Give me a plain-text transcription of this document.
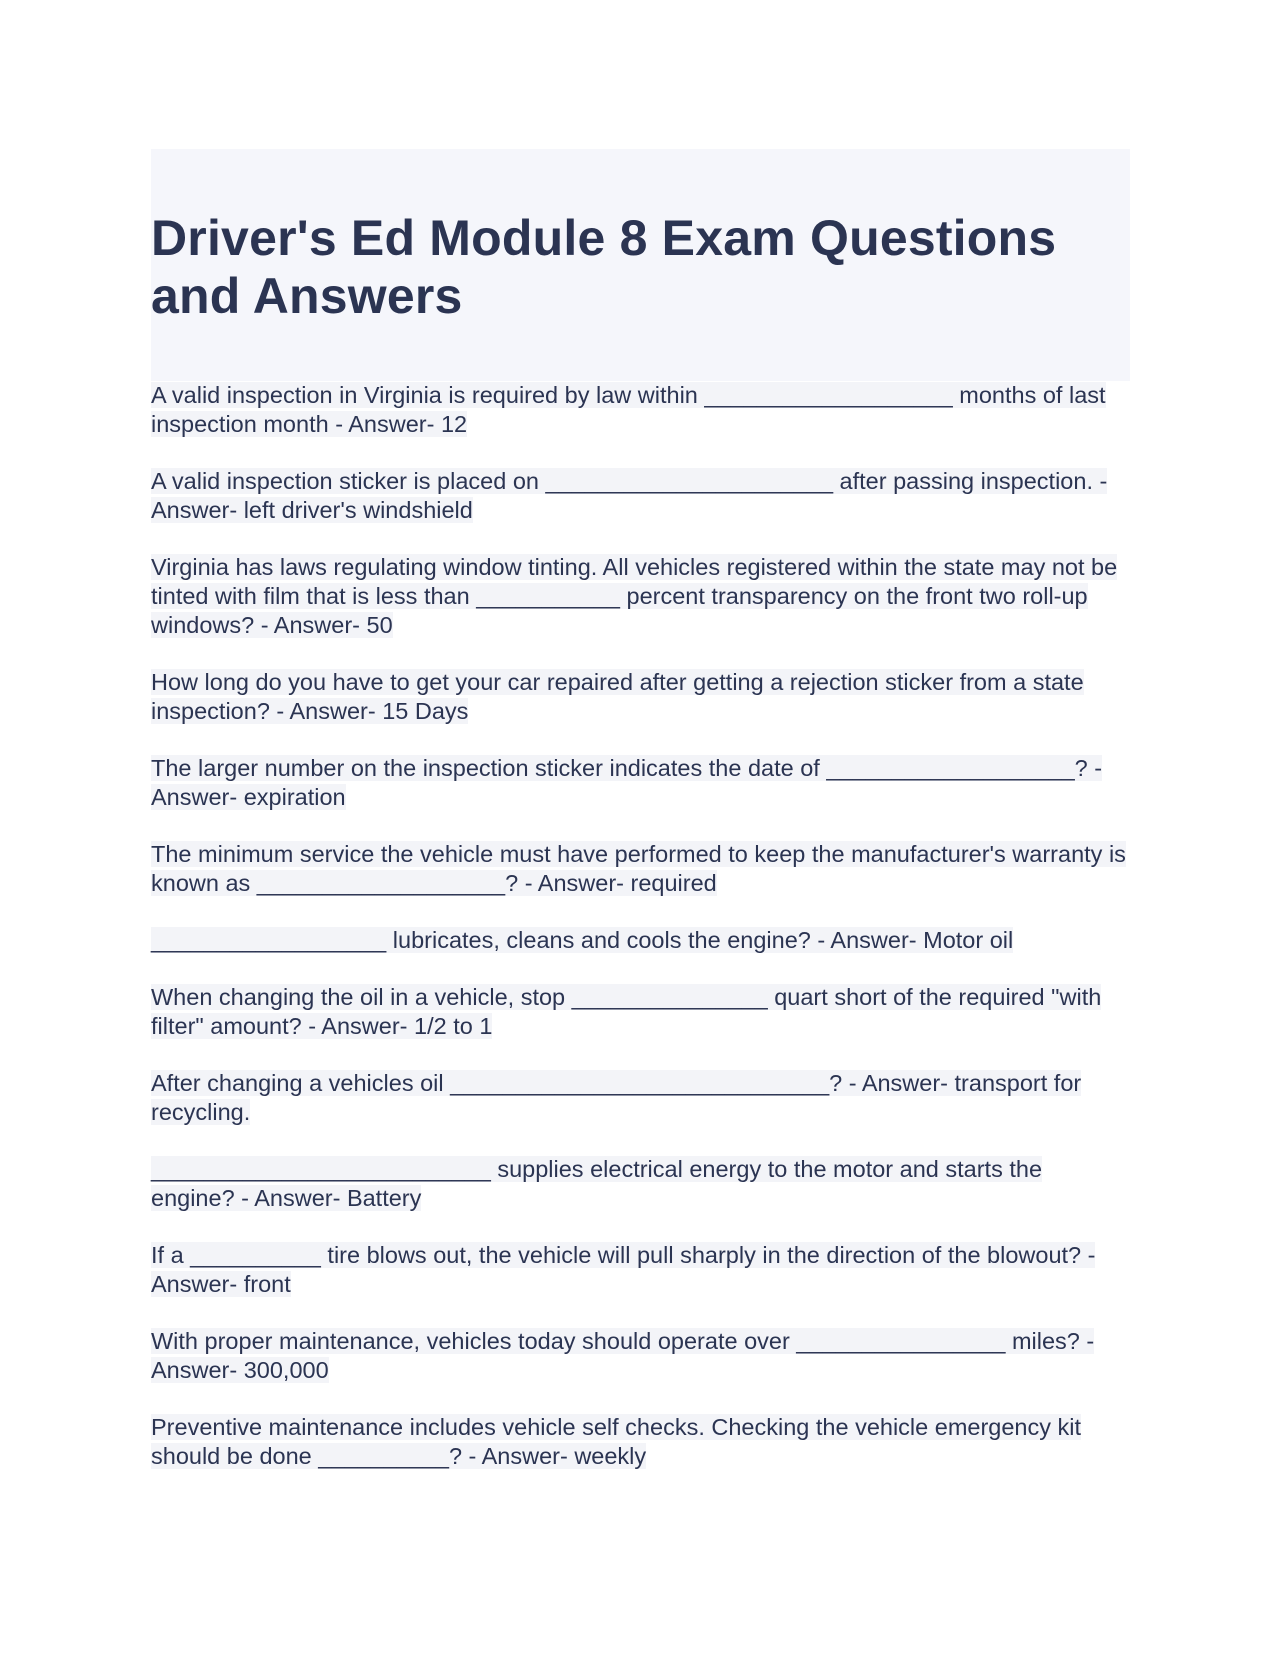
Driver's Ed Module 8 Exam Questions and Answers

A valid inspection in Virginia is required by law within ___________________ months of last inspection month - Answer- 12

A valid inspection sticker is placed on ______________________ after passing inspection. - Answer- left driver's windshield

Virginia has laws regulating window tinting. All vehicles registered within the state may not be tinted with film that is less than ___________ percent transparency on the front two roll-up windows? - Answer- 50

How long do you have to get your car repaired after getting a rejection sticker from a state inspection? - Answer- 15 Days

The larger number on the inspection sticker indicates the date of ___________________? - Answer- expiration

The minimum service the vehicle must have performed to keep the manufacturer's warranty is known as ___________________? - Answer- required

__________________ lubricates, cleans and cools the engine? - Answer- Motor oil

When changing the oil in a vehicle, stop _______________ quart short of the required "with filter" amount? - Answer- 1/2 to 1

After changing a vehicles oil _____________________________? - Answer- transport for recycling.

__________________________ supplies electrical energy to the motor and starts the engine? - Answer- Battery

If a __________ tire blows out, the vehicle will pull sharply in the direction of the blowout? - Answer- front

With proper maintenance, vehicles today should operate over ________________ miles? - Answer- 300,000

Preventive maintenance includes vehicle self checks. Checking the vehicle emergency kit should be done __________? - Answer- weekly
